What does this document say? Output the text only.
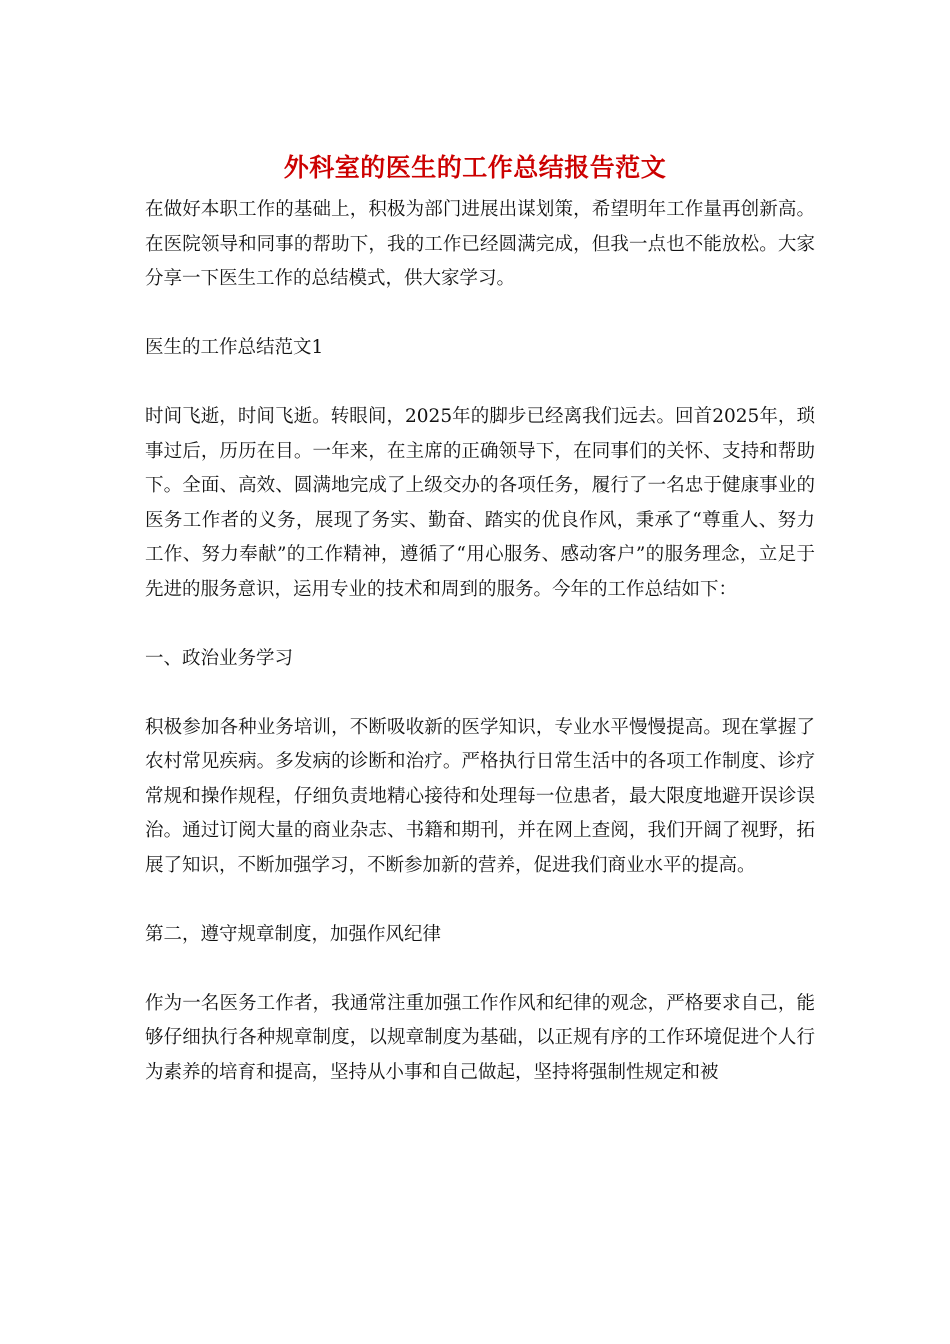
外科室的医生的工作总结报告范文

在做好本职工作的基础上，积极为部门进展出谋划策，希望明年工作量再创新高。在医院领导和同事的帮助下，我的工作已经圆满完成，但我一点也不能放松。大家分享一下医生工作的总结模式，供大家学习。

医生的工作总结范文1

时间飞逝，时间飞逝。转眼间，2025年的脚步已经离我们远去。回首2025年，琐事过后，历历在目。一年来，在主席的正确领导下，在同事们的关怀、支持和帮助下。全面、高效、圆满地完成了上级交办的各项任务，履行了一名忠于健康事业的医务工作者的义务，展现了务实、勤奋、踏实的优良作风，秉承了“尊重人、努力工作、努力奉献”的工作精神，遵循了“用心服务、感动客户”的服务理念，立足于先进的服务意识，运用专业的技术和周到的服务。今年的工作总结如下：

一、政治业务学习

积极参加各种业务培训，不断吸收新的医学知识，专业水平慢慢提高。现在掌握了农村常见疾病。多发病的诊断和治疗。严格执行日常生活中的各项工作制度、诊疗常规和操作规程，仔细负责地精心接待和处理每一位患者，最大限度地避开误诊误治。通过订阅大量的商业杂志、书籍和期刊，并在网上查阅，我们开阔了视野，拓展了知识，不断加强学习，不断参加新的营养，促进我们商业水平的提高。

第二，遵守规章制度，加强作风纪律

作为一名医务工作者，我通常注重加强工作作风和纪律的观念，严格要求自己，能够仔细执行各种规章制度，以规章制度为基础，以正规有序的工作环境促进个人行为素养的培育和提高，坚持从小事和自己做起，坚持将强制性规定和被
